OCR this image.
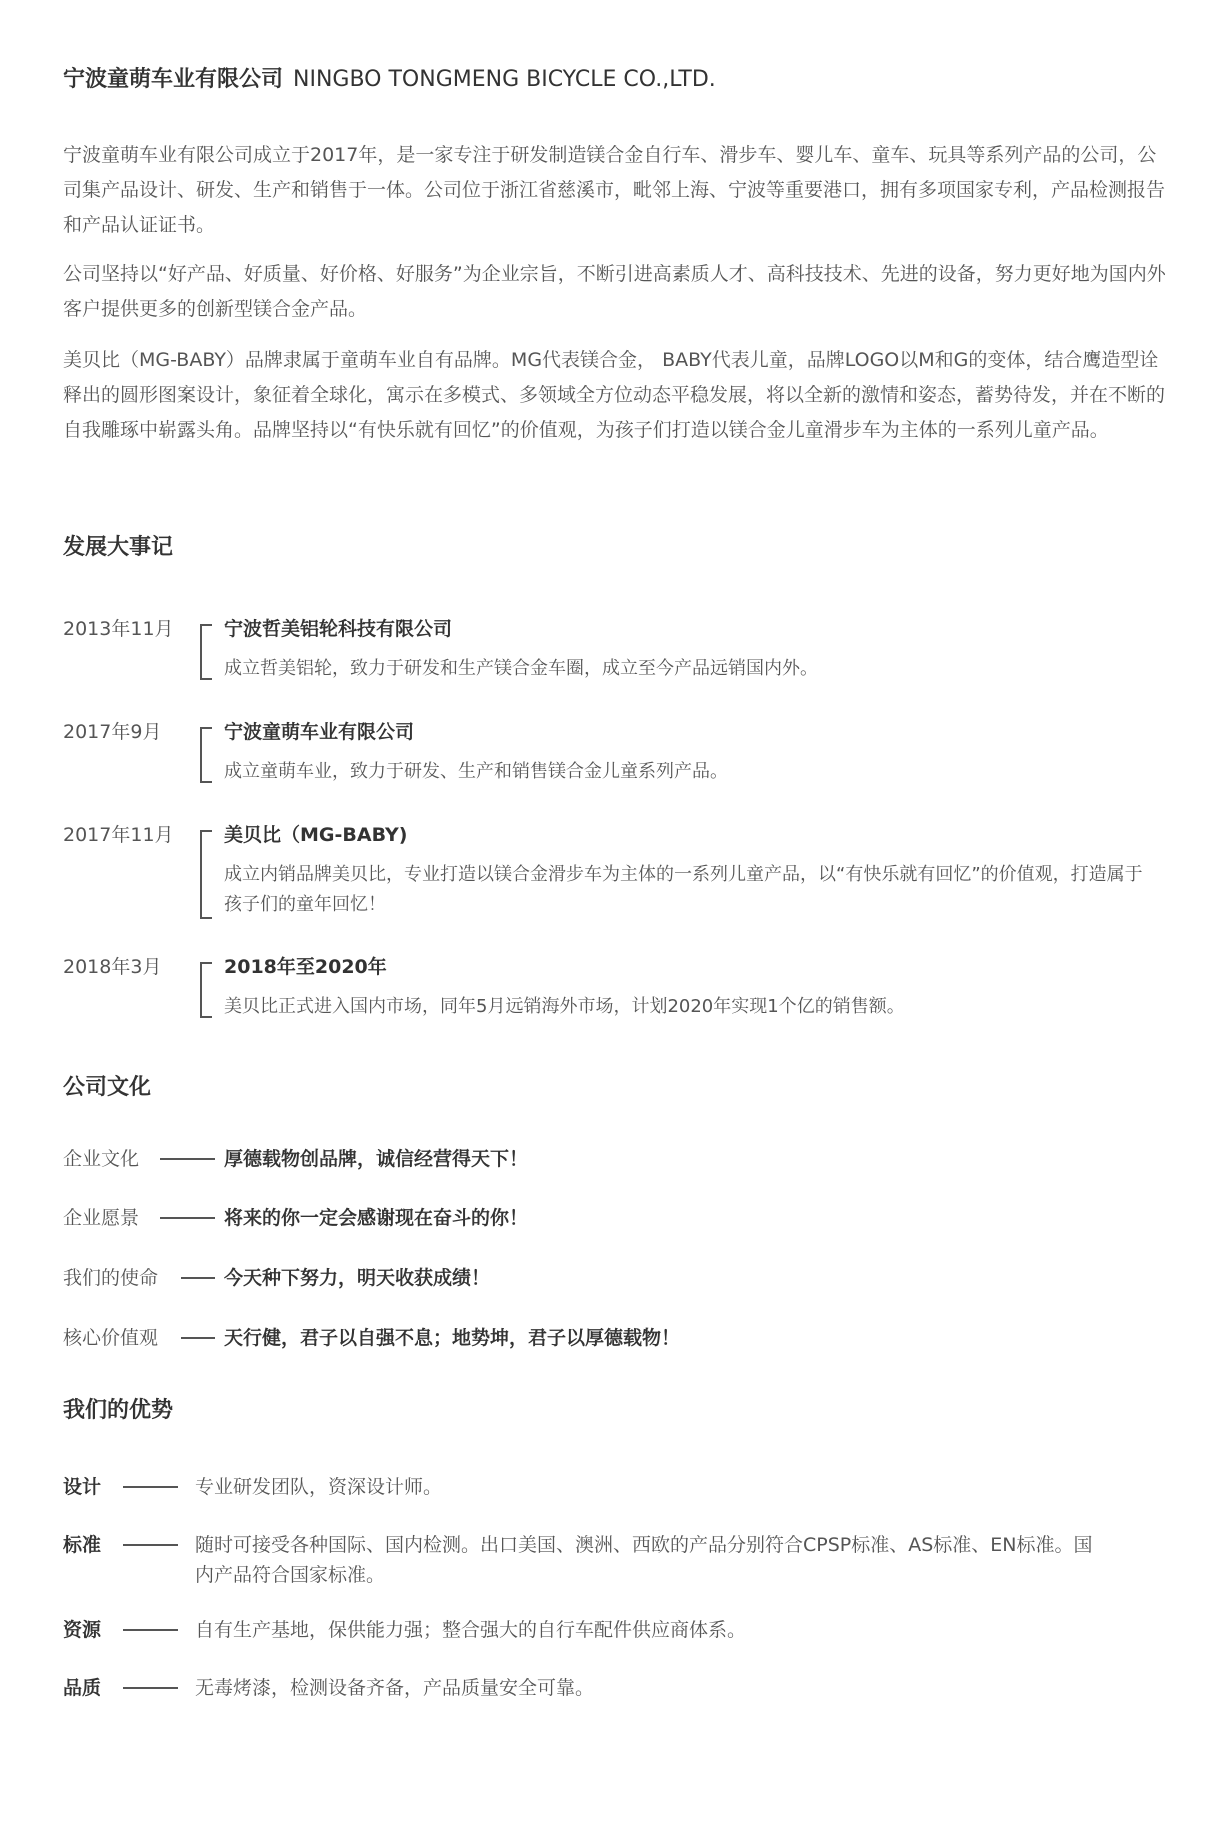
宁波童萌车业有限公司 NINGBO TONGMENG BICYCLE CO.,LTD.

宁波童萌车业有限公司成立于2017年，是一家专注于研发制造镁合金自行车、滑步车、婴儿车、童车、玩具等系列产品的公司，公司集产品设计、研发、生产和销售于一体。公司位于浙江省慈溪市，毗邻上海、宁波等重要港口，拥有多项国家专利，产品检测报告和产品认证证书。

公司坚持以“好产品、好质量、好价格、好服务”为企业宗旨，不断引进高素质人才、高科技技术、先进的设备，努力更好地为国内外客户提供更多的创新型镁合金产品。

美贝比（MG-BABY）品牌隶属于童萌车业自有品牌。MG代表镁合金， BABY代表儿童，品牌LOGO以M和G的变体，结合鹰造型诠释出的圆形图案设计，象征着全球化，寓示在多模式、多领域全方位动态平稳发展，将以全新的激情和姿态，蓄势待发，并在不断的自我雕琢中崭露头角。品牌坚持以“有快乐就有回忆”的价值观，为孩子们打造以镁合金儿童滑步车为主体的一系列儿童产品。

发展大事记
2013年11月	宁波哲美铝轮科技有限公司

成立哲美铝轮，致力于研发和生产镁合金车圈，成立至今产品远销国内外。

2017年9月	宁波童萌车业有限公司

成立童萌车业，致力于研发、生产和销售镁合金儿童系列产品。

2017年11月	美贝比（MG-BABY)

成立内销品牌美贝比，专业打造以镁合金滑步车为主体的一系列儿童产品，以“有快乐就有回忆”的价值观，打造属于孩子们的童年回忆！

2018年3月	2018年至2020年

美贝比正式进入国内市场，同年5月远销海外市场，计划2020年实现1个亿的销售额。

公司文化
企业文化	厚德载物创品牌，诚信经营得天下！
企业愿景	将来的你一定会感谢现在奋斗的你！
我们的使命	今天种下努力，明天收获成绩！
核心价值观	天行健，君子以自强不息；地势坤，君子以厚德载物！
我们的优势
设计	专业研发团队，资深设计师。

标准	随时可接受各种国际、国内检测。出口美国、澳洲、西欧的产品分别符合CPSP标准、AS标准、EN标准。国内产品符合国家标准。

资源	自有生产基地，保供能力强；整合强大的自行车配件供应商体系。

品质	无毒烤漆，检测设备齐备，产品质量安全可靠。
